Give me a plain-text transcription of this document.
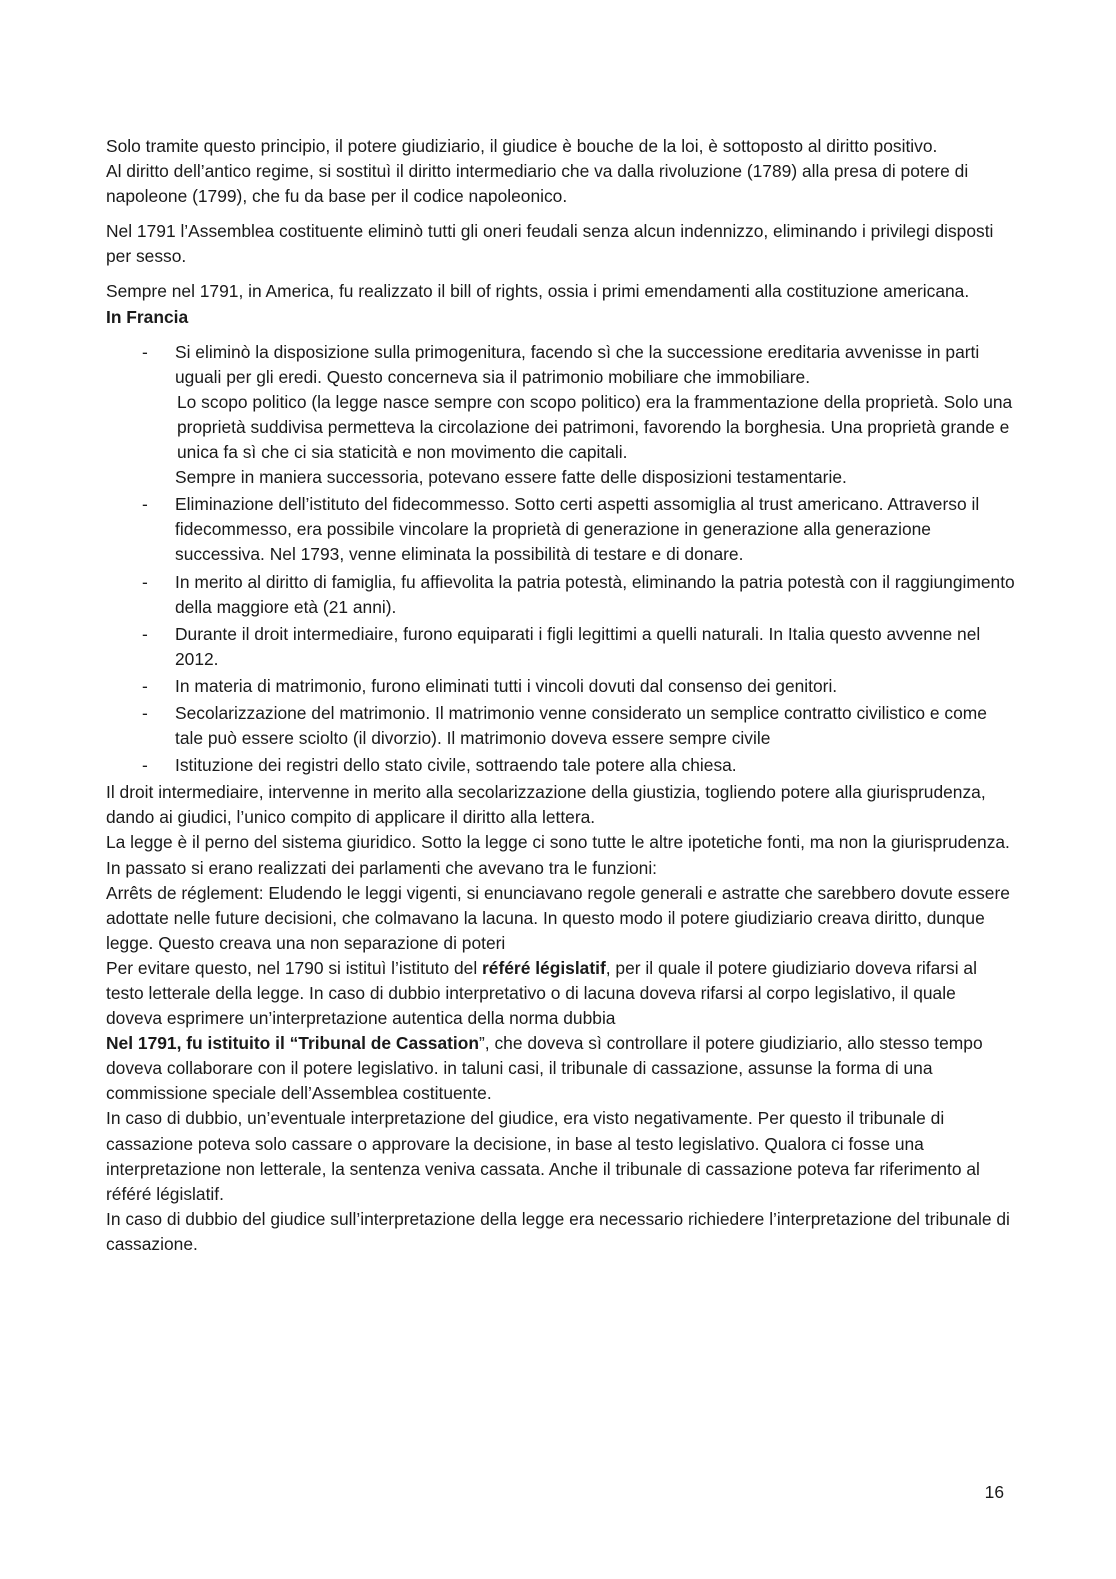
Solo tramite questo principio, il potere giudiziario, il giudice è bouche de la loi, è sottoposto al diritto positivo.

Al diritto dell’antico regime, si sostituì il diritto intermediario che va dalla rivoluzione (1789) alla presa di potere di napoleone (1799), che fu da base per il codice napoleonico.

Nel 1791 l’Assemblea costituente eliminò tutti gli oneri feudali senza alcun indennizzo, eliminando i privilegi disposti per sesso.

Sempre nel 1791, in America, fu realizzato il bill of rights, ossia i primi emendamenti alla costituzione americana.

In Francia

- Si eliminò la disposizione sulla primogenitura, facendo sì che la successione ereditaria avvenisse in parti uguali per gli eredi. Questo concerneva sia il patrimonio mobiliare che immobiliare.

Lo scopo politico (la legge nasce sempre con scopo politico) era la frammentazione della proprietà. Solo una proprietà suddivisa permetteva la circolazione dei patrimoni, favorendo la borghesia. Una proprietà grande e unica fa sì che ci sia staticità e non movimento die capitali.

Sempre in maniera successoria, potevano essere fatte delle disposizioni testamentarie.

- Eliminazione dell’istituto del fidecommesso. Sotto certi aspetti assomiglia al trust americano. Attraverso il fidecommesso, era possibile vincolare la proprietà di generazione in generazione alla generazione successiva. Nel 1793, venne eliminata la possibilità di testare e di donare.
- In merito al diritto di famiglia, fu affievolita la patria potestà, eliminando la patria potestà con il raggiungimento della maggiore età (21 anni).
- Durante il droit intermediaire, furono equiparati i figli legittimi a quelli naturali. In Italia questo avvenne nel 2012.
- In materia di matrimonio, furono eliminati tutti i vincoli dovuti dal consenso dei genitori.
- Secolarizzazione del matrimonio. Il matrimonio venne considerato un semplice contratto civilistico e come tale può essere sciolto (il divorzio). Il matrimonio doveva essere sempre civile
- Istituzione dei registri dello stato civile, sottraendo tale potere alla chiesa.

Il droit intermediaire, intervenne in merito alla secolarizzazione della giustizia, togliendo potere alla giurisprudenza, dando ai giudici, l’unico compito di applicare il diritto alla lettera.

La legge è il perno del sistema giuridico. Sotto la legge ci sono tutte le altre ipotetiche fonti, ma non la giurisprudenza.

In passato si erano realizzati dei parlamenti che avevano tra le funzioni:

Arrêts de réglement: Eludendo le leggi vigenti, si enunciavano regole generali e astratte che sarebbero dovute essere adottate nelle future decisioni, che colmavano la lacuna. In questo modo il potere giudiziario creava diritto, dunque legge. Questo creava una non separazione di poteri

Per evitare questo, nel 1790 si istituì l’istituto del référé législatif, per il quale il potere giudiziario doveva rifarsi al testo letterale della legge. In caso di dubbio interpretativo o di lacuna doveva rifarsi al corpo legislativo, il quale doveva esprimere un’interpretazione autentica della norma dubbia

Nel 1791, fu istituito il “Tribunal de Cassation”, che doveva sì controllare il potere giudiziario, allo stesso tempo doveva collaborare con il potere legislativo. in taluni casi, il tribunale di cassazione, assunse la forma di una commissione speciale dell’Assemblea costituente.

In caso di dubbio, un’eventuale interpretazione del giudice, era visto negativamente. Per questo il tribunale di cassazione poteva solo cassare o approvare la decisione, in base al testo legislativo. Qualora ci fosse una interpretazione non letterale, la sentenza veniva cassata. Anche il tribunale di cassazione poteva far riferimento al référé législatif.

In caso di dubbio del giudice sull’interpretazione della legge era necessario richiedere l’interpretazione del tribunale di cassazione.

16
